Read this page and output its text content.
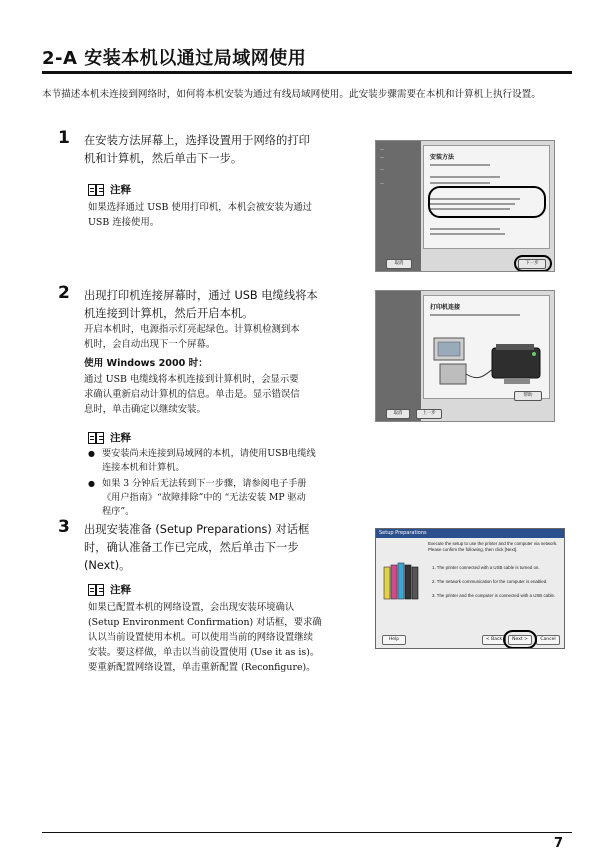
2-A 安装本机以通过局域网使用

本节描述本机未连接到网络时，如何将本机安装为通过有线局域网使用。此安装步骤需要在本机和计算机上执行设置。

1 在安装方法屏幕上，选择设置用于网络的打印
机和计算机，然后单击下一步。
注释
如果选择通过 USB 使用打印机，本机会被安装为通过
USB 连接使用。
—
—
—
—
安装方法
取消	下一步
2 出现打印机连接屏幕时，通过 USB 电缆线将本
机连接到计算机，然后开启本机。
开启本机时，电源指示灯亮起绿色。计算机检测到本
机时，会自动出现下一个屏幕。
使用 Windows 2000 时：
通过 USB 电缆线将本机连接到计算机时，会显示要
求确认重新启动计算机的信息。单击是。显示错误信
息时，单击确定以继续安装。
注释
● 要安装尚未连接到局域网的本机，请使用USB电缆线
连接本机和计算机。
● 如果 3 分钟后无法转到下一步骤，请参阅电子手册
《用户指南》“故障排除”中的 “无法安装 MP 驱动
程序”。
打印机连接
取消	上一步
帮助
3 出现安装准备 (Setup Preparations) 对话框
时，确认准备工作已完成，然后单击下一步
(Next)。
注释
如果已配置本机的网络设置，会出现安装环境确认
(Setup Environment Confirmation) 对话框，要求确
认以当前设置使用本机。可以使用当前的网络设置继续
安装。要这样做，单击以当前设置使用 (Use it as is)。
要重新配置网络设置，单击重新配置 (Reconfigure)。
Setup Preparations
Execute the setup to use the printer and the computer via network.
Please confirm the following, then click [Next].
1. The printer connected with a USB cable is turned on.
2. The network communication for the computer is enabled.
3. The printer and the computer is connected with a USB cable.
Help	< Back	Next >	Cancel
7
